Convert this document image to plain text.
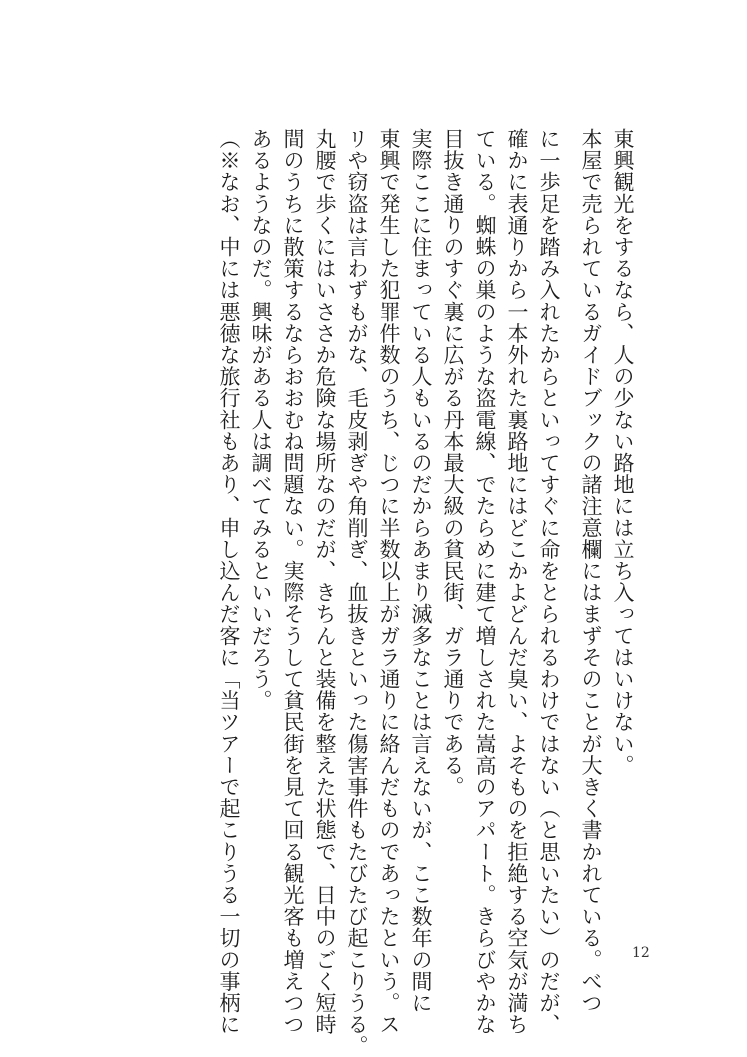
東興観光をするなら、人の少ない路地には立ち入ってはいけない。
本屋で売られているガイドブックの諸注意欄にはまずそのことが大きく書かれている。べつ
に一歩足を踏み入れたからといってすぐに命をとられるわけではない（と思いたい）のだが、
確かに表通りから一本外れた裏路地にはどこかよどんだ臭い、よそものを拒絶する空気が満ち
ている。蜘蛛の巣のような盗電線、でたらめに建て増しされた嵩高のアパート。きらびやかな
目抜き通りのすぐ裏に広がる丹本最大級の貧民街、ガラ通りである。
実際ここに住まっている人もいるのだからあまり滅多なことは言えないが、ここ数年の間に
東興で発生した犯罪件数のうち、じつに半数以上がガラ通りに絡んだものであったという。ス
リや窃盗は言わずもがな、毛皮剥ぎや角削ぎ、血抜きといった傷害事件もたびたび起こりうる。
丸腰で歩くにはいささか危険な場所なのだが、きちんと装備を整えた状態で、日中のごく短時
間のうちに散策するならおおむね問題ない。実際そうして貧民街を見て回る観光客も増えつつ
あるようなのだ。興味がある人は調べてみるといいだろう。
（※なお、中には悪徳な旅行社もあり、申し込んだ客に「当ツアーで起こりうる一切の事柄に	12
